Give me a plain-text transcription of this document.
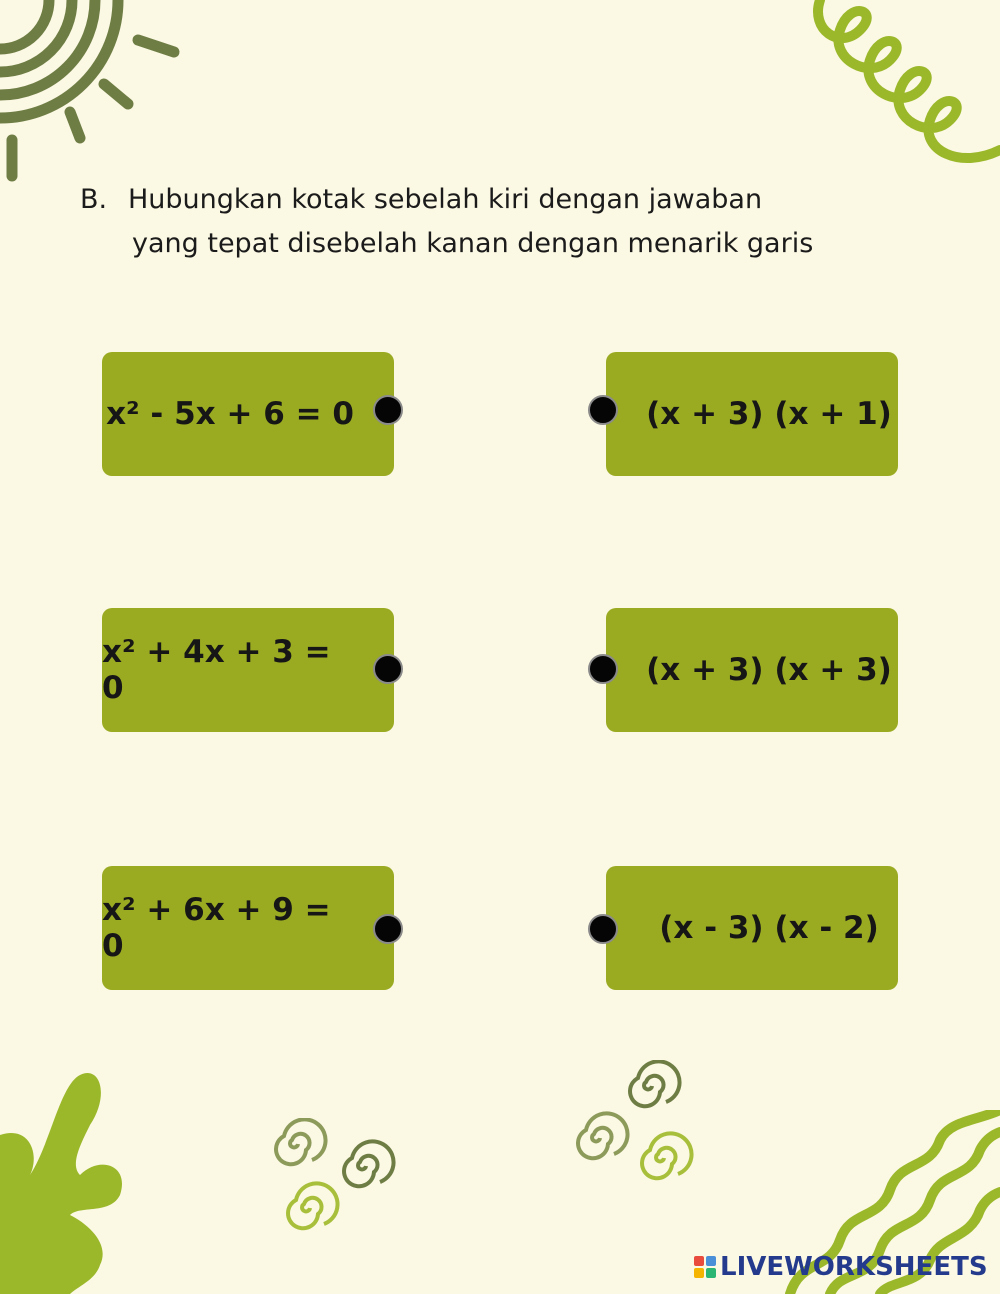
B. Hubungkan kotak sebelah kiri dengan jawaban
yang tepat disebelah kanan dengan menarik garis
x² - 5x + 6 = 0
x² + 4x + 3 = 0
x² + 6x + 9 = 0
(x + 3) (x + 1)
(x + 3) (x + 3)
(x - 3) (x - 2)
LIVEWORKSHEETS
